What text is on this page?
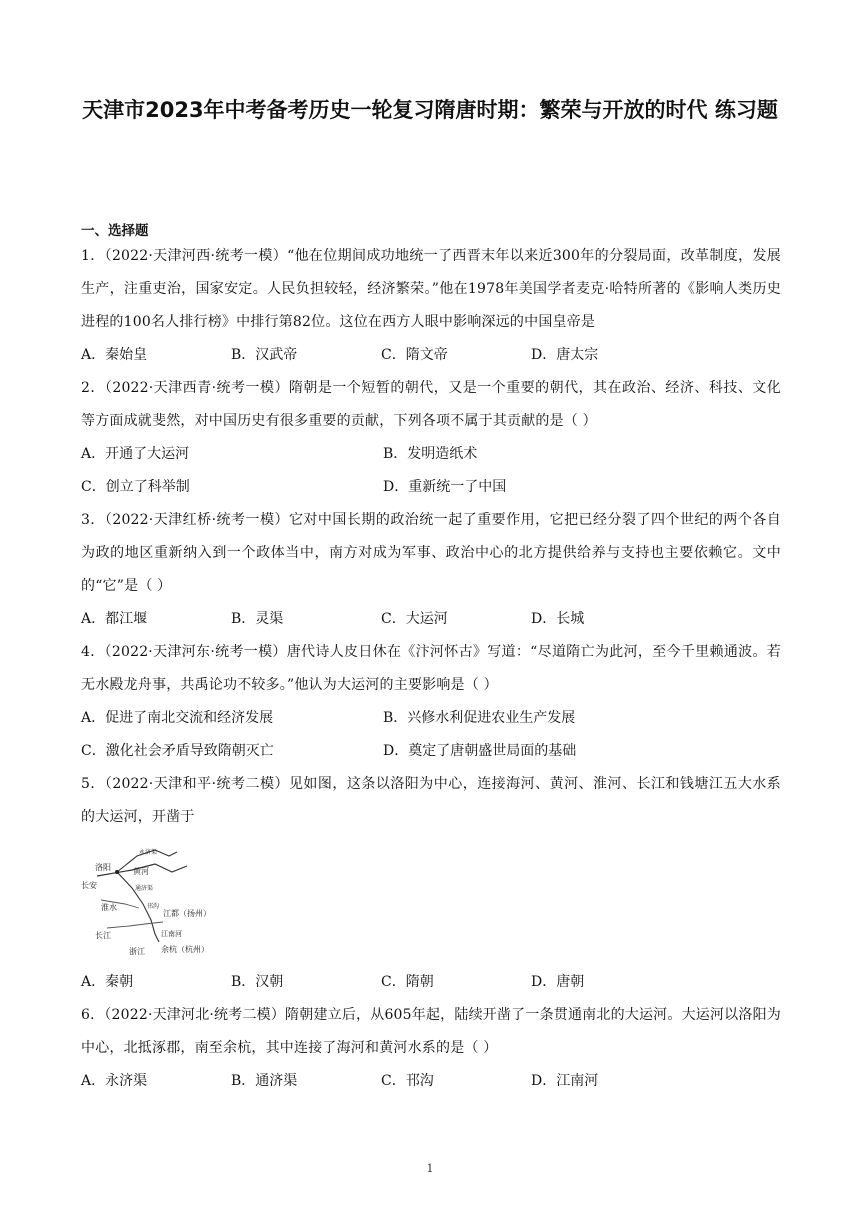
天津市2023年中考备考历史一轮复习隋唐时期：繁荣与开放的时代 练习题

一、选择题

1．（2022·天津河西·统考一模）“他在位期间成功地统一了西晋末年以来近300年的分裂局面，改革制度，发展生产，注重吏治，国家安定。人民负担较轻，经济繁荣。”他在1978年美国学者麦克·哈特所著的《影响人类历史进程的100名人排行榜》中排行第82位。这位在西方人眼中影响深远的中国皇帝是

A．秦始皇	B．汉武帝	C．隋文帝	D．唐太宗

2．（2022·天津西青·统考一模）隋朝是一个短暂的朝代，又是一个重要的朝代，其在政治、经济、科技、文化等方面成就斐然，对中国历史有很多重要的贡献，下列各项不属于其贡献的是（ ）

A．开通了大运河	B．发明造纸术
C．创立了科举制	D．重新统一了中国

3．（2022·天津红桥·统考一模）它对中国长期的政治统一起了重要作用，它把已经分裂了四个世纪的两个各自为政的地区重新纳入到一个政体当中，南方对成为军事、政治中心的北方提供给养与支持也主要依赖它。文中的“它”是（ ）

A．都江堰	B．灵渠	C．大运河	D．长城

4．（2022·天津河东·统考一模）唐代诗人皮日休在《汴河怀古》写道：“尽道隋亡为此河，至今千里赖通波。若无水殿龙舟事，共禹论功不较多。”他认为大运河的主要影响是（ ）

A．促进了南北交流和经济发展	B．兴修水利促进农业生产发展
C．激化社会矛盾导致隋朝灭亡	D．奠定了唐朝盛世局面的基础

5．（2022·天津和平·统考二模）见如图，这条以洛阳为中心，连接海河、黄河、淮河、长江和钱塘江五大水系的大运河，开凿于

洛阳
长安
永济渠
黄河
通济渠
淮水	邗沟
江都（扬州）
长江	江南河
浙江 余杭（杭州）
A．秦朝	B．汉朝	C．隋朝	D．唐朝

6．（2022·天津河北·统考二模）隋朝建立后，从605年起，陆续开凿了一条贯通南北的大运河。大运河以洛阳为中心，北抵涿郡，南至余杭，其中连接了海河和黄河水系的是（ ）

A．永济渠	B．通济渠	C．邗沟	D．江南河
1
